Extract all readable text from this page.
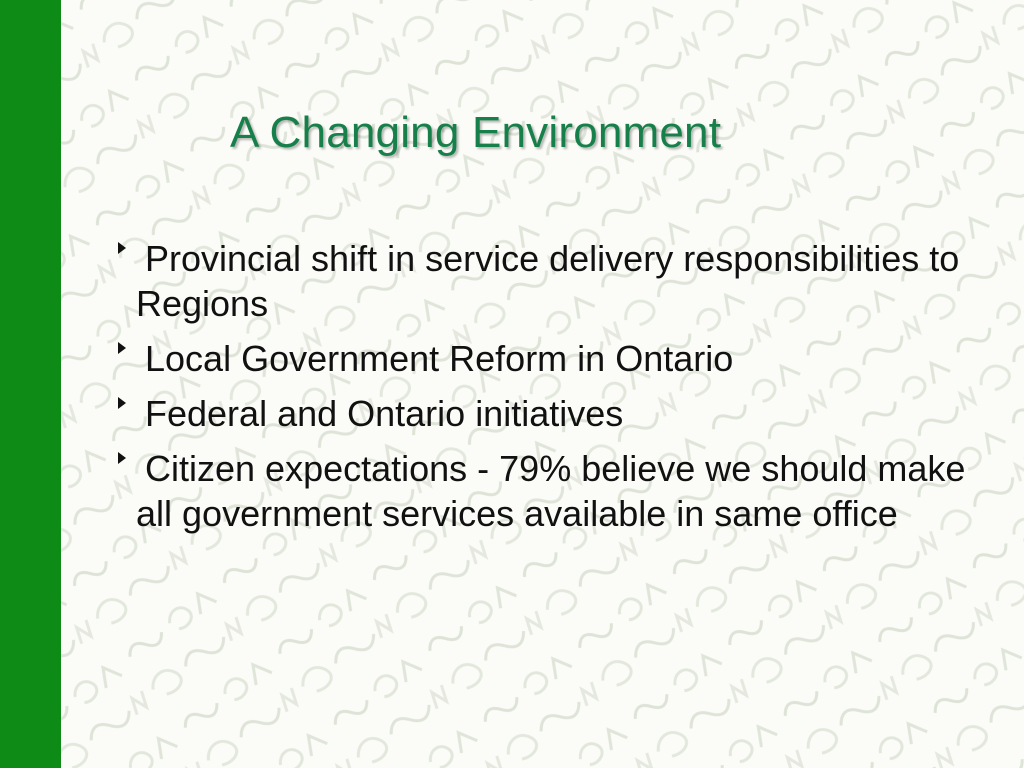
A Changing Environment
Provincial shift in service delivery responsibilities to Regions
Local Government Reform in Ontario
Federal and Ontario initiatives
Citizen expectations - 79% believe we should make all government services available in same office
